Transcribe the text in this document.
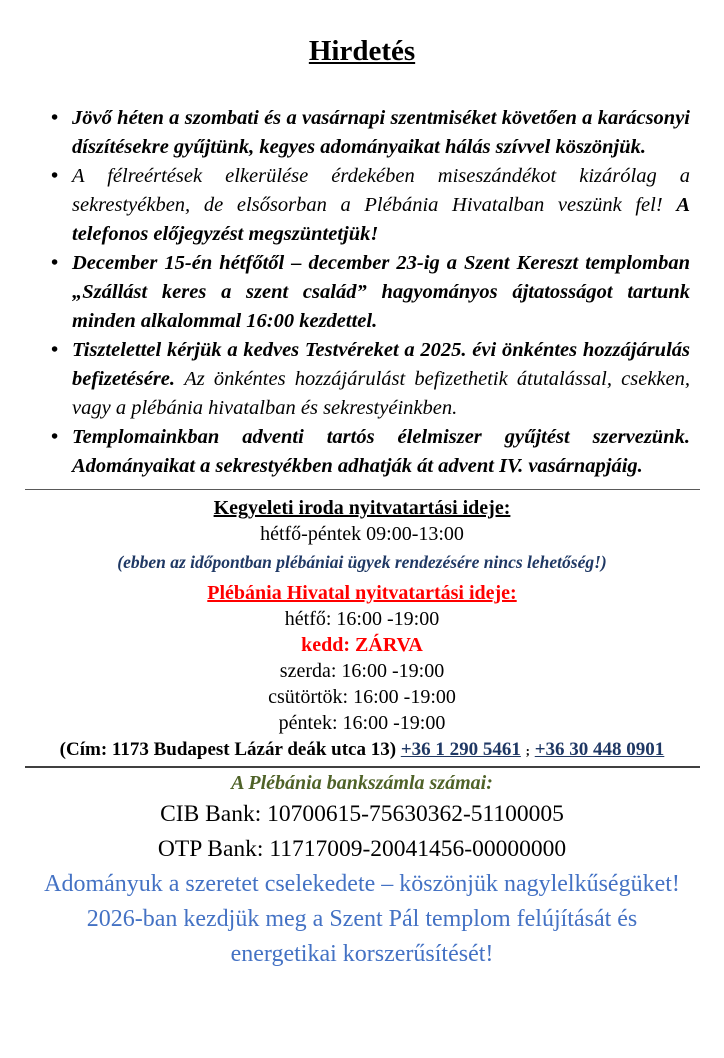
Hirdetés
• Jövő héten a szombati és a vasárnapi szentmiséket követően a karácsonyi díszítésekre gyűjtünk, kegyes adományaikat hálás szívvel köszönjük.
• A félreértések elkerülése érdekében miseszándékot kizárólag a sekrestyékben, de elsősorban a Plébánia Hivatalban veszünk fel! A telefonos előjegyzést megszüntetjük!
• December 15-én hétfőtől – december 23-ig a Szent Kereszt templomban „Szállást keres a szent család” hagyományos ájtatosságot tartunk minden alkalommal 16:00 kezdettel.
• Tisztelettel kérjük a kedves Testvéreket a 2025. évi önkéntes hozzájárulás befizetésére. Az önkéntes hozzájárulást befizethetik átutalással, csekken, vagy a plébánia hivatalban és sekrestyéinkben.
• Templomainkban adventi tartós élelmiszer gyűjtést szervezünk. Adományaikat a sekrestyékben adhatják át advent IV. vasárnapjáig.

Kegyeleti iroda nyitvatartási ideje:

hétfő-péntek 09:00-13:00

(ebben az időpontban plébániai ügyek rendezésére nincs lehetőség!)

Plébánia Hivatal nyitvatartási ideje:

hétfő: 16:00 -19:00

kedd: ZÁRVA

szerda: 16:00 -19:00

csütörtök: 16:00 -19:00

péntek: 16:00 -19:00

(Cím: 1173 Budapest Lázár deák utca 13) +36 1 290 5461 ; +36 30 448 0901

A Plébánia bankszámla számai:

CIB Bank: 10700615-75630362-51100005

OTP Bank: 11717009-20041456-00000000

Adományuk a szeretet cselekedete – köszönjük nagylelkűségüket!

2026-ban kezdjük meg a Szent Pál templom felújítását és

energetikai korszerűsítését!
